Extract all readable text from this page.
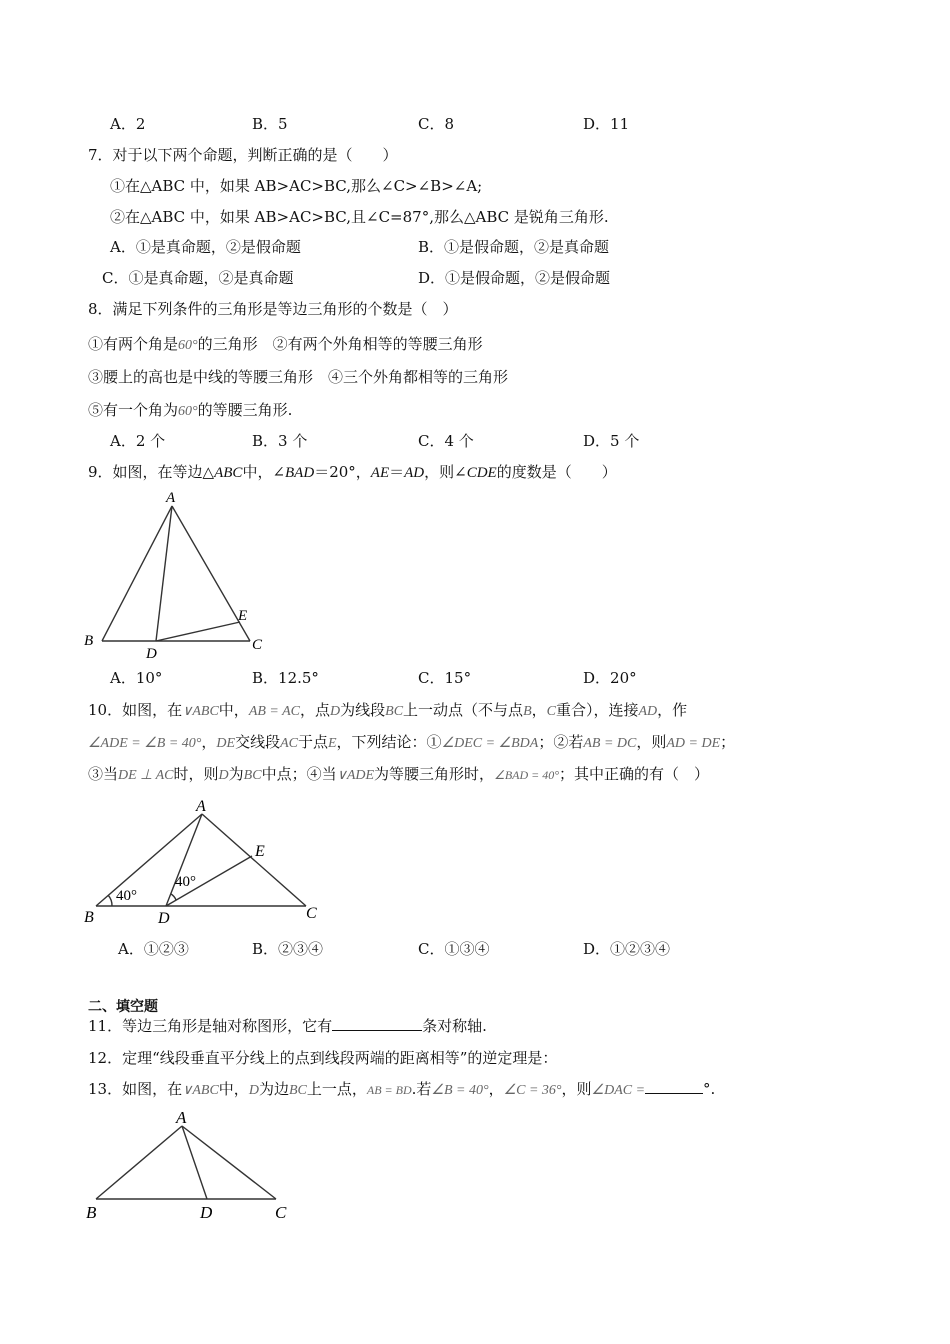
A．2	B．5	C．8	D．11
7．对于以下两个命题，判断正确的是（　　）
①在△ABC 中，如果 AB>AC>BC,那么∠C>∠B>∠A;
②在△ABC 中，如果 AB>AC>BC,且∠C=87°,那么△ABC 是锐角三角形.
A．①是真命题，②是假命题	B．①是假命题，②是真命题
C．①是真命题，②是真命题	D．①是假命题，②是假命题
8．满足下列条件的三角形是等边三角形的个数是（　）
①有两个角是60°的三角形　②有两个外角相等的等腰三角形
③腰上的高也是中线的等腰三角形　④三个外角都相等的三角形
⑤有一个角为60°的等腰三角形.
A．2 个	B．3 个	C．4 个	D．5 个
9．如图，在等边△ABC中，∠BAD＝20°，AE＝AD，则∠CDE的度数是（　　）
A
B	C
D
E
A．10°	B．12.5°	C．15°	D．20°
10．如图，在∨ABC中，AB = AC，点D为线段BC上一动点（不与点B，C重合），连接AD，作
∠ADE = ∠B = 40°，DE交线段AC于点E，下列结论：①∠DEC = ∠BDA；②若AB = DC，则AD = DE；
③当DE ⊥ AC时，则D为BC中点；④当∨ADE为等腰三角形时，∠BAD = 40°；其中正确的有（　）
A
B	C
D
E
40°
40°
A．①②③	B．②③④	C．①③④	D．①②③④
二、填空题
11．等边三角形是轴对称图形，它有	条对称轴.
12．定理“线段垂直平分线上的点到线段两端的距离相等”的逆定理是：
13．如图，在∨ABC中，D为边BC上一点，AB = BD.若∠B = 40°，∠C = 36°，则∠DAC =	°.
A
B	D	C
